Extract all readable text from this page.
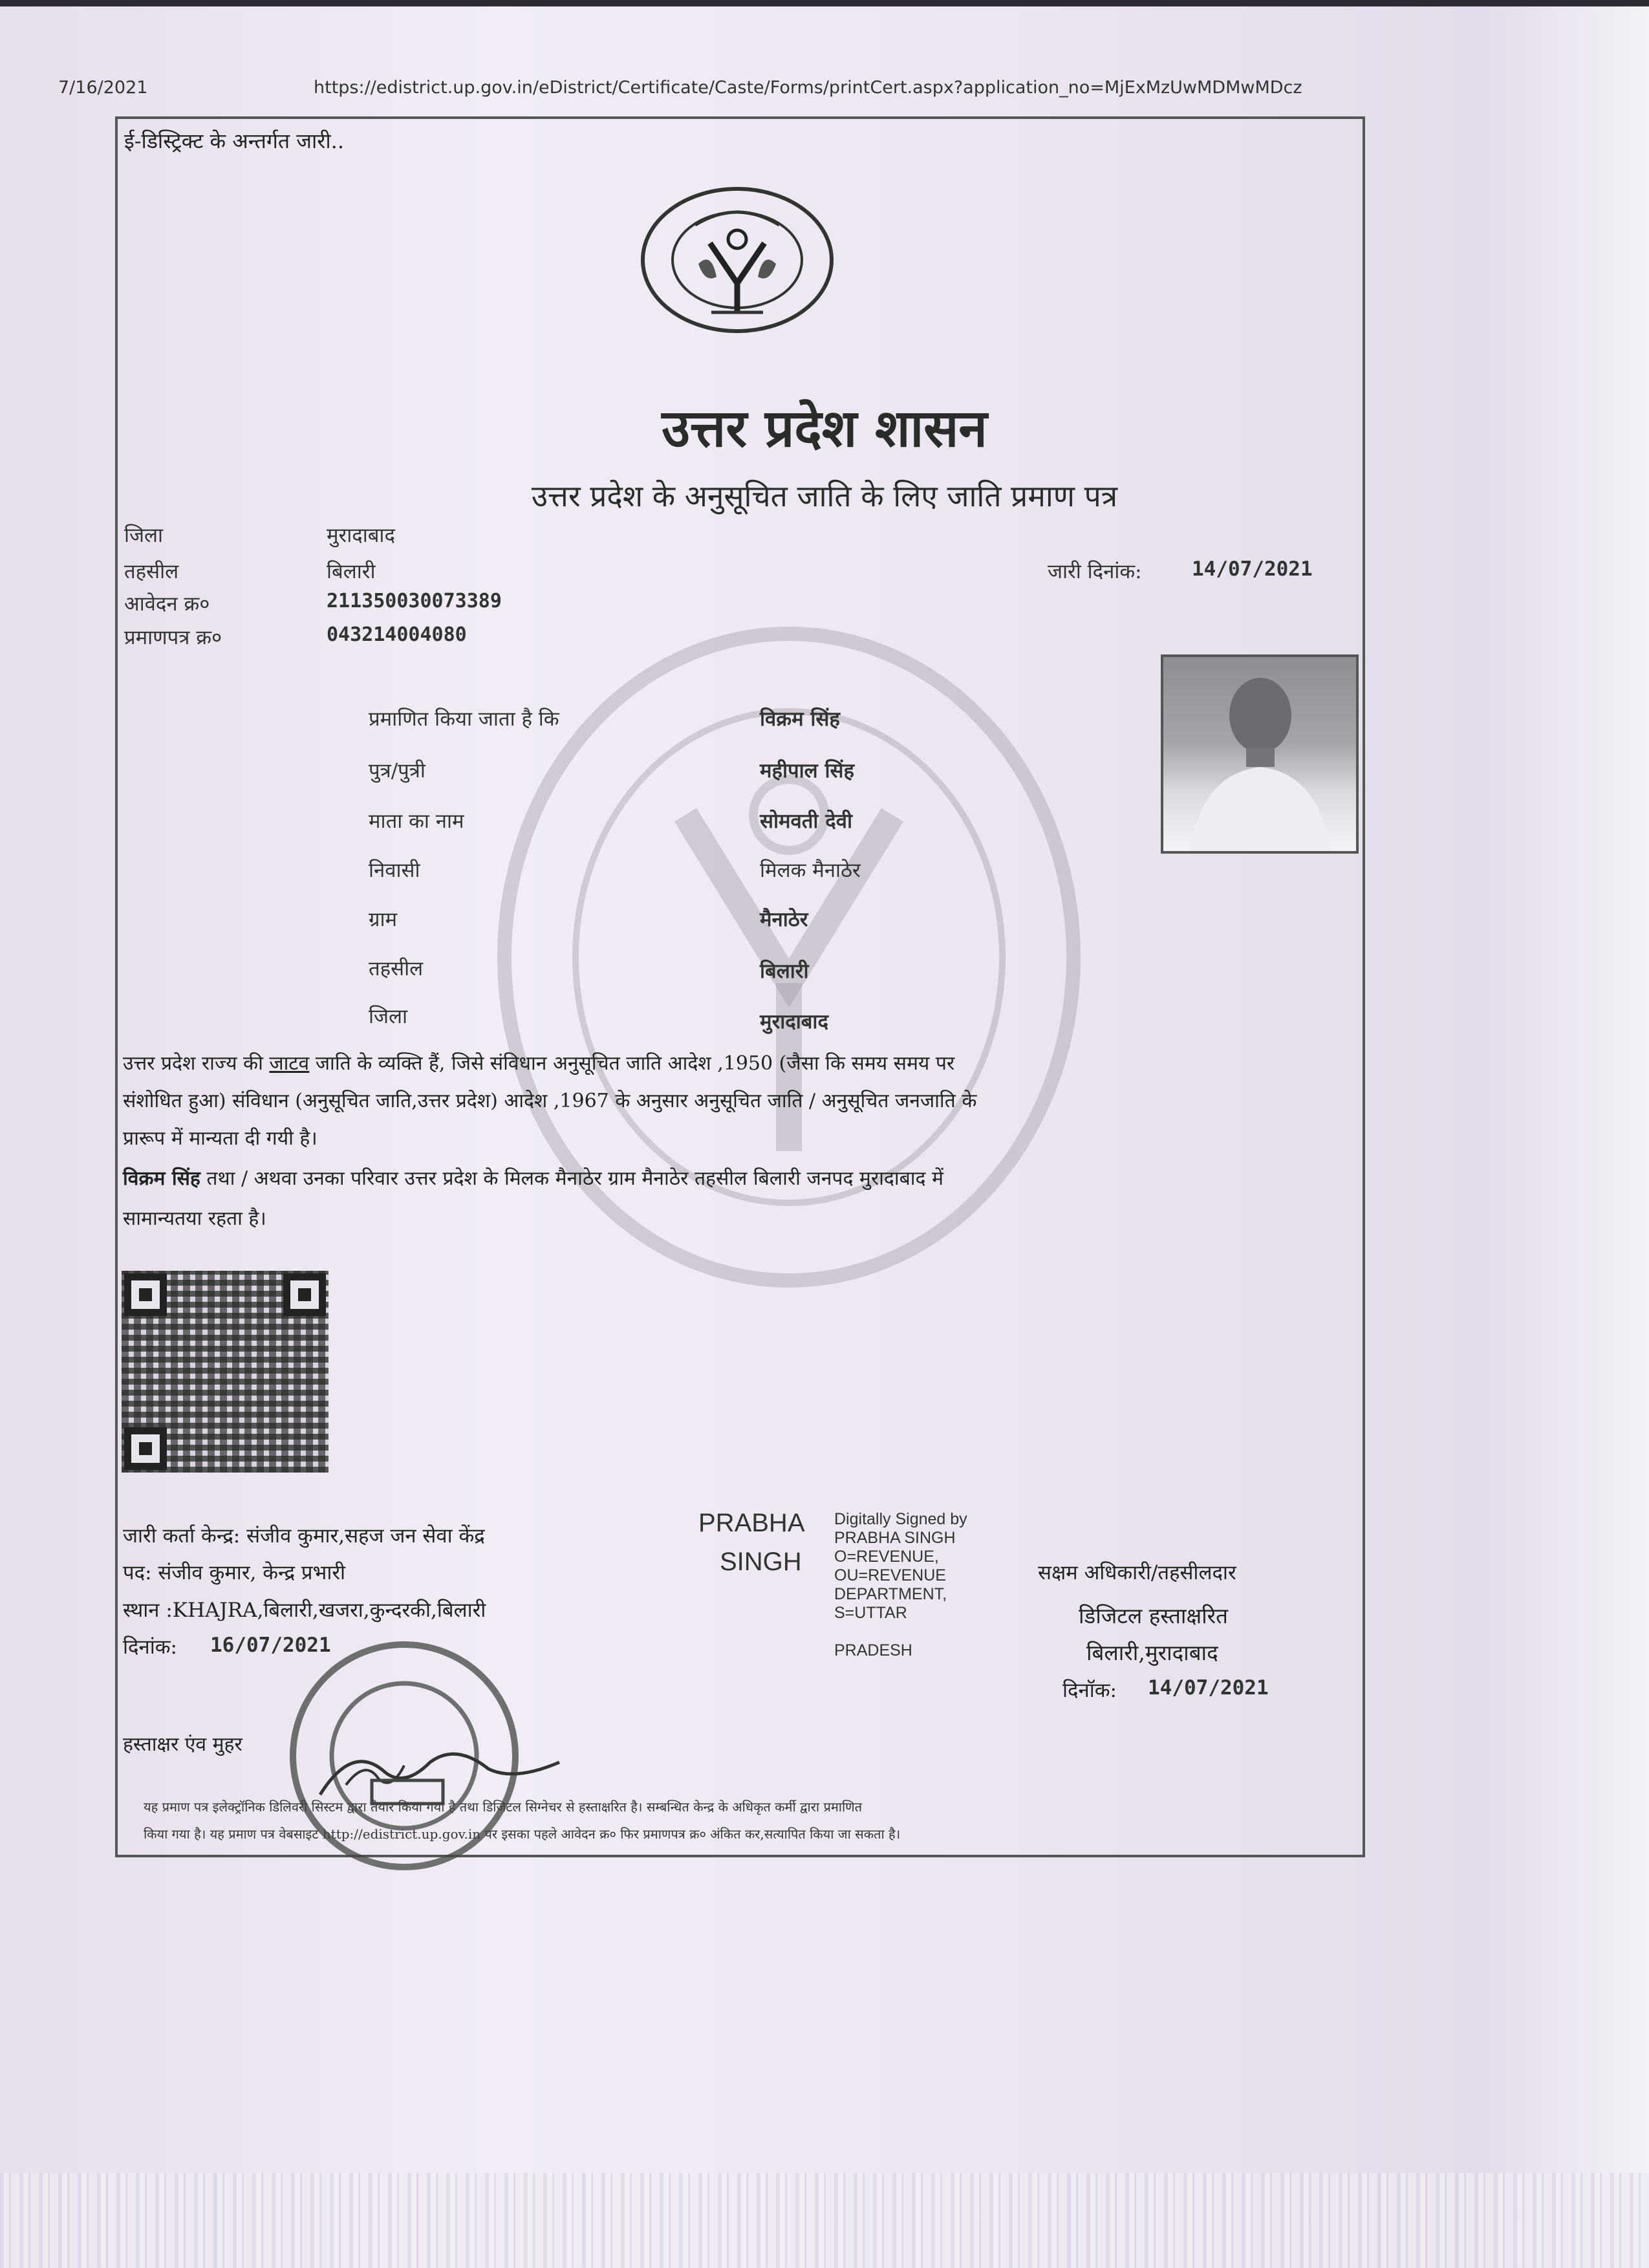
7/16/2021	https://edistrict.up.gov.in/eDistrict/Certificate/Caste/Forms/printCert.aspx?application_no=MjExMzUwMDMwMDcz
ई-डिस्ट्रिक्ट के अन्तर्गत जारी..
उत्तर प्रदेश शासन
उत्तर प्रदेश के अनुसूचित जाति के लिए जाति प्रमाण पत्र
जिला	मुरादाबाद
तहसील	बिलारी
आवेदन क्र०	211350030073389
प्रमाणपत्र क्र०	043214004080
जारी दिनांक: 14/07/2021
प्रमाणित किया जाता है कि	विक्रम सिंह
पुत्र/पुत्री	महीपाल सिंह
माता का नाम	सोमवती देवी
निवासी	मिलक मैनाठेर
ग्राम	मैनाठेर
तहसील	बिलारी
जिला	मुरादाबाद
उत्तर प्रदेश राज्य की जाटव जाति के व्यक्ति हैं, जिसे संविधान अनुसूचित जाति आदेश ,1950 (जैसा कि समय समय पर
संशोधित हुआ) संविधान (अनुसूचित जाति,उत्तर प्रदेश) आदेश ,1967 के अनुसार अनुसूचित जाति / अनुसूचित जनजाति के
प्रारूप में मान्यता दी गयी है।
विक्रम सिंह तथा / अथवा उनका परिवार उत्तर प्रदेश के मिलक मैनाठेर ग्राम मैनाठेर तहसील बिलारी जनपद मुरादाबाद में
सामान्यतया रहता है।
जारी कर्ता केन्द्र: संजीव कुमार,सहज जन सेवा केंद्र
पद: संजीव कुमार, केन्द्र प्रभारी
स्थान :KHAJRA,बिलारी,खजरा,कुन्दरकी,बिलारी
दिनांक: 16/07/2021
हस्ताक्षर एंव मुहर
PRABHA
SINGH
Digitally Signed by
PRABHA SINGH
O=REVENUE,
OU=REVENUE
DEPARTMENT,
S=UTTAR
PRADESH
सक्षम अधिकारी/तहसीलदार
डिजिटल हस्ताक्षरित
बिलारी,मुरादाबाद
दिनॉक: 14/07/2021
यह प्रमाण पत्र इलेक्ट्रॉनिक डिलिवरी सिस्टम द्वारा तैयार किया गया है तथा डिजिटल सिग्नेचर से हस्ताक्षरित है। सम्बन्धित केन्द्र के अधिकृत कर्मी द्वारा प्रमाणित
किया गया है। यह प्रमाण पत्र वेबसाइट http://edistrict.up.gov.in पर इसका पहले आवेदन क्र० फिर प्रमाणपत्र क्र० अंकित कर,सत्यापित किया जा सकता है।
